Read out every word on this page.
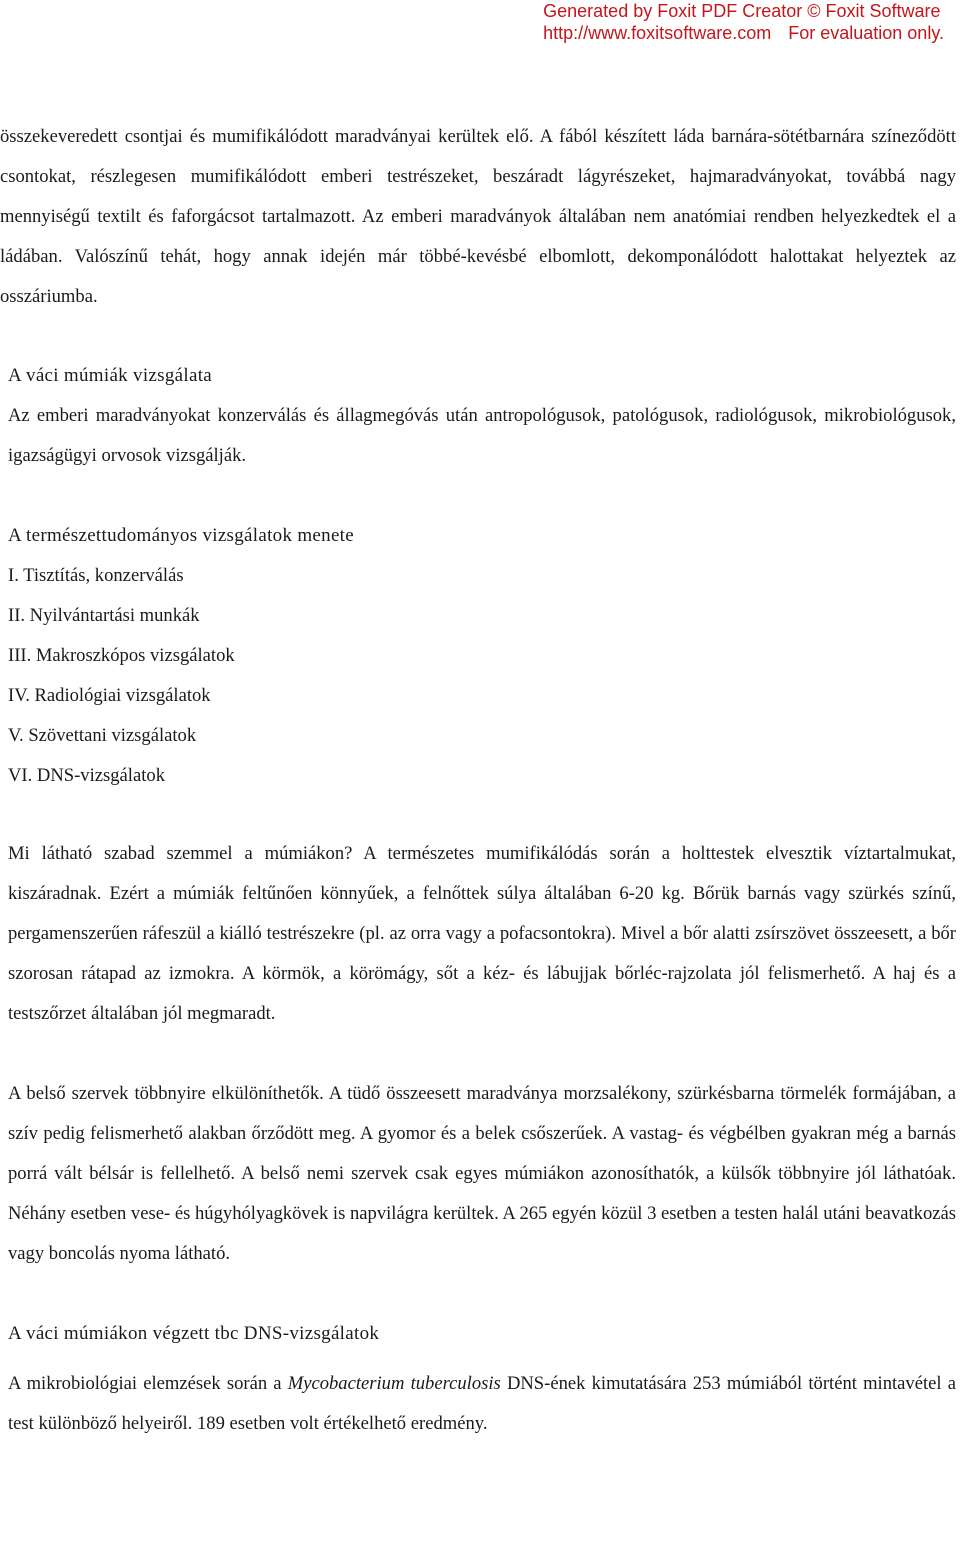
Generated by Foxit PDF Creator © Foxit Software
http://www.foxitsoftware.com For evaluation only.

összekeveredett csontjai és mumifikálódott maradványai kerültek elő. A fából készített láda barnára-sötétbarnára színeződött csontokat, részlegesen mumifikálódott emberi testrészeket, beszáradt lágyrészeket, hajmaradványokat, továbbá nagy mennyiségű textilt és faforgácsot tartalmazott. Az emberi maradványok általában nem anatómiai rendben helyezkedtek el a ládában. Valószínű tehát, hogy annak idején már többé-kevésbé elbomlott, dekomponálódott halottakat helyeztek az osszáriumba.

A váci múmiák vizsgálata

Az emberi maradványokat konzerválás és állagmegóvás után antropológusok, patológusok, radiológusok, mikrobiológusok, igazságügyi orvosok vizsgálják.

A természettudományos vizsgálatok menete
I. Tisztítás, konzerválás
II. Nyilvántartási munkák
III. Makroszkópos vizsgálatok
IV. Radiológiai vizsgálatok
V. Szövettani vizsgálatok
VI. DNS-vizsgálatok

Mi látható szabad szemmel a múmiákon? A természetes mumifikálódás során a holttestek elvesztik víztartalmukat, kiszáradnak. Ezért a múmiák feltűnően könnyűek, a felnőttek súlya általában 6-20 kg. Bőrük barnás vagy szürkés színű, pergamenszerűen ráfeszül a kiálló testrészekre (pl. az orra vagy a pofacsontokra). Mivel a bőr alatti zsírszövet összeesett, a bőr szorosan rátapad az izmokra. A körmök, a körömágy, sőt a kéz- és lábujjak bőrléc-rajzolata jól felismerhető. A haj és a testszőrzet általában jól megmaradt.

A belső szervek többnyire elkülöníthetők. A tüdő összeesett maradványa morzsalékony, szürkésbarna törmelék formájában, a szív pedig felismerhető alakban őrződött meg. A gyomor és a belek csőszerűek. A vastag- és végbélben gyakran még a barnás porrá vált bélsár is fellelhető. A belső nemi szervek csak egyes múmiákon azonosíthatók, a külsők többnyire jól láthatóak. Néhány esetben vese- és húgyhólyagkövek is napvilágra kerültek. A 265 egyén közül 3 esetben a testen halál utáni beavatkozás vagy boncolás nyoma látható.

A váci múmiákon végzett tbc DNS-vizsgálatok

A mikrobiológiai elemzések során a Mycobacterium tuberculosis DNS-ének kimutatására 253 múmiából történt mintavétel a test különböző helyeiről. 189 esetben volt értékelhető eredmény.
